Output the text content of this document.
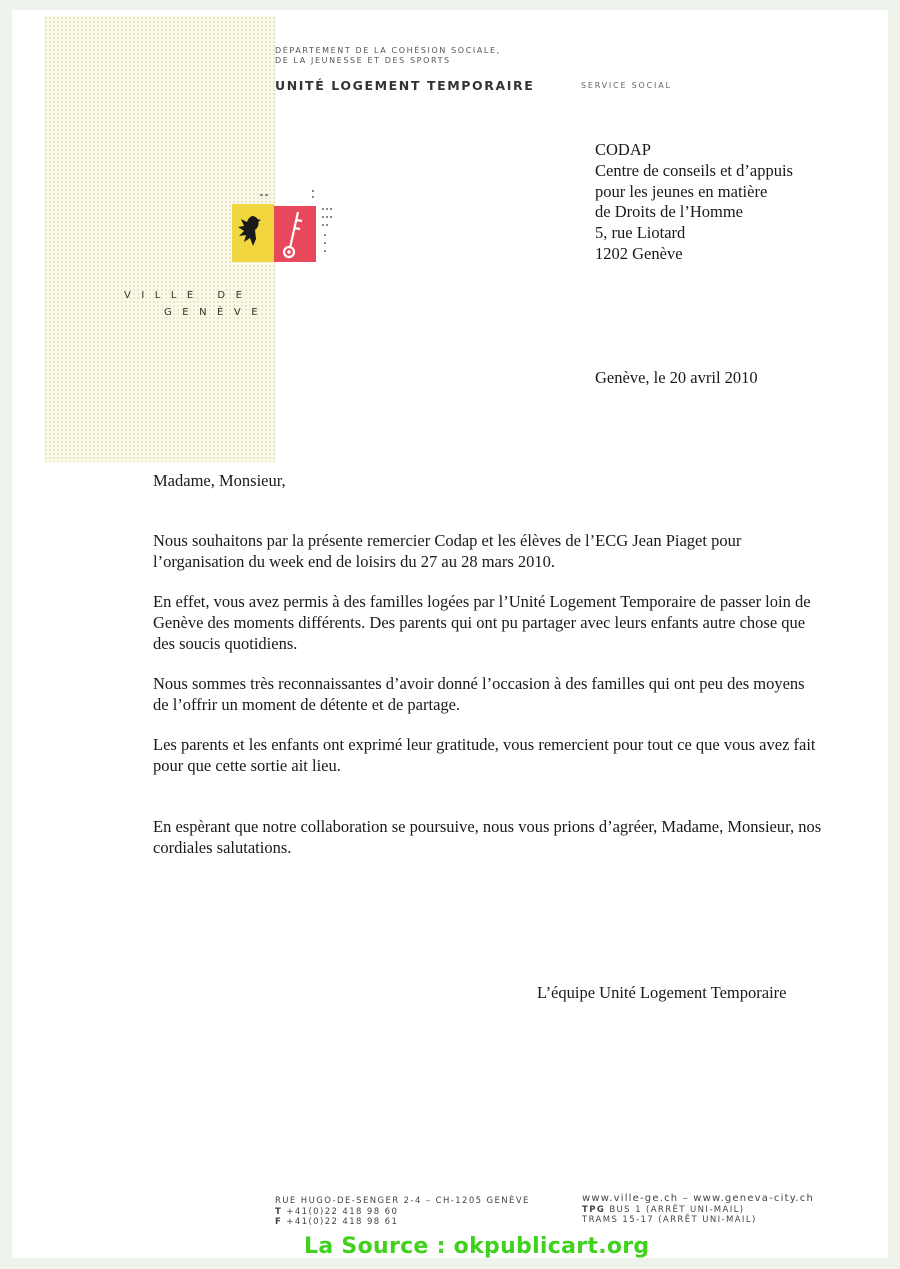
DÉPARTEMENT DE LA COHÉSION SOCIALE,
DE LA JEUNESSE ET DES SPORTS
UNITÉ LOGEMENT TEMPORAIRE	SERVICE SOCIAL
VILLE DE
GENÈVE
CODAP
Centre de conseils et d’appuis
pour les jeunes en matière
de Droits de l’Homme
5, rue Liotard
1202 Genève
Genève, le 20 avril 2010
Madame, Monsieur,

Nous souhaitons par la présente remercier Codap et les élèves de l’ECG Jean Piaget pour l’organisation du week end de loisirs du 27 au 28 mars 2010.

En effet, vous avez permis à des familles logées par l’Unité Logement Temporaire de passer loin de Genève des moments différents. Des parents qui ont pu partager avec leurs enfants autre chose que des soucis quotidiens.

Nous sommes très reconnaissantes d’avoir donné l’occasion à des familles qui ont peu des moyens de l’offrir un moment de détente et de partage.

Les parents et les enfants ont exprimé leur gratitude, vous remercient pour tout ce que vous avez fait pour que cette sortie ait lieu.

En espèrant que notre collaboration se poursuive, nous vous prions d’agréer, Madame, Monsieur, nos cordiales salutations.

L’équipe Unité Logement Temporaire
RUE HUGO-DE-SENGER 2-4 – CH-1205 GENÈVE
T +41(0)22 418 98 60
F +41(0)22 418 98 61
www.ville-ge.ch – www.geneva-city.ch
TPG BUS 1 (ARRÊT UNI-MAIL)
TRAMS 15-17 (ARRÊT UNI-MAIL)
La Source : okpublicart.org
